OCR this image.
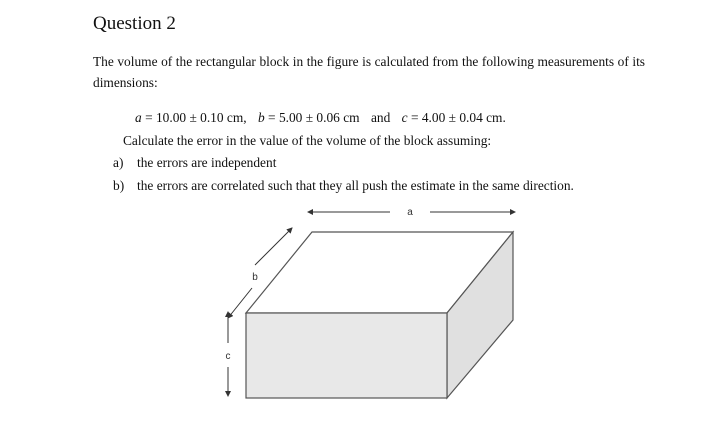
Question 2
The volume of the rectangular block in the figure is calculated from the following measurements of its dimensions:
a = 10.00 ± 0.10 cm, b = 5.00 ± 0.06 cm and c = 4.00 ± 0.04 cm.
Calculate the error in the value of the volume of the block assuming:
a) the errors are independent
b) the errors are correlated such that they all push the estimate in the same direction.
a
b
c
